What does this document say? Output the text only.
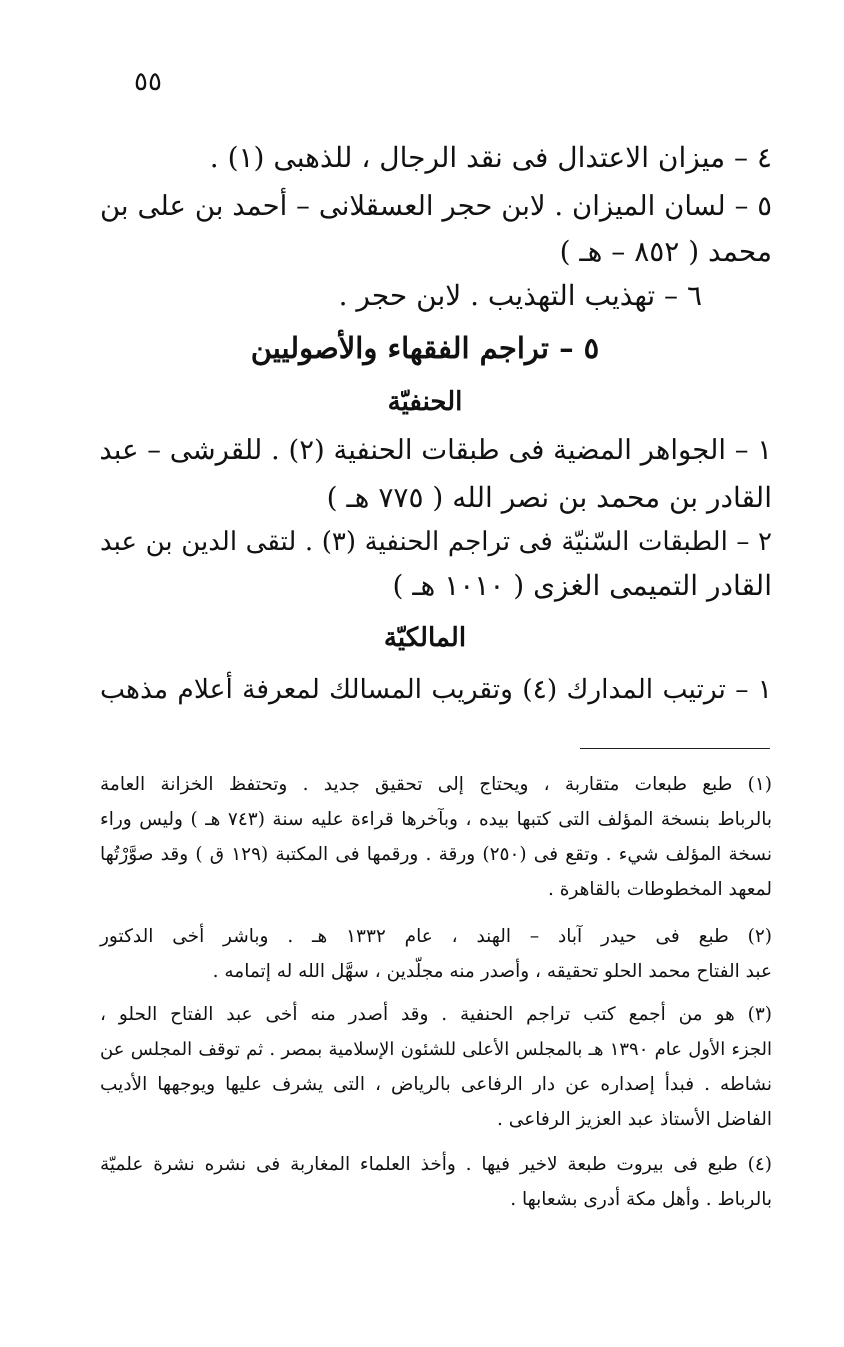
٥٥
٤ – ميزان الاعتدال فى نقد الرجال ، للذهبى (١) .
٥ – لسان الميزان . لابن حجر العسقلانى – أحمد بن على بن
محمد ( ٨٥٢ – هـ )
٦ – تهذيب التهذيب . لابن حجر .
٥ – تراجم الفقهاء والأصوليين
الحنفيّة
١ – الجواهر المضية فى طبقات الحنفية (٢) . للقرشى – عبد
القادر بن محمد بن نصر الله ( ٧٧٥ هـ )
٢ – الطبقات السّنيّة فى تراجم الحنفية (٣) . لتقى الدين بن عبد
القادر التميمى الغزى ( ١٠١٠ هـ )
المالكيّة
١ – ترتيب المدارك (٤) وتقريب المسالك لمعرفة أعلام مذهب
(١) طبع طبعات متقاربة ، ويحتاج إلى تحقيق جديد . وتحتفظ الخزانة العامة
بالرباط بنسخة المؤلف التى كتبها بيده ، وبآخرها قراءة عليه سنة (٧٤٣ هـ ) وليس وراء
نسخة المؤلف شيء . وتقع فى (٢٥٠) ورقة . ورقمها فى المكتبة (١٢٩ ق ) وقد صوَّرْتُها
لمعهد المخطوطات بالقاهرة .
(٢) طبع فى حيدر آباد – الهند ، عام ١٣٣٢ هـ . وباشر أخى الدكتور
عبد الفتاح محمد الحلو تحقيقه ، وأصدر منه مجلّدين ، سهَّل الله له إتمامه .
(٣) هو من أجمع كتب تراجم الحنفية . وقد أصدر منه أخى عبد الفتاح الحلو ،
الجزء الأول عام ١٣٩٠ هـ بالمجلس الأعلى للشئون الإسلامية بمصر . ثم توقف المجلس عن
نشاطه . فبدأ إصداره عن دار الرفاعى بالرياض ، التى يشرف عليها ويوجهها الأديب
الفاضل الأستاذ عبد العزيز الرفاعى .
(٤) طبع فى بيروت طبعة لاخير فيها . وأخذ العلماء المغاربة فى نشره نشرة علميّة
بالرباط . وأهل مكة أدرى بشعابها .
